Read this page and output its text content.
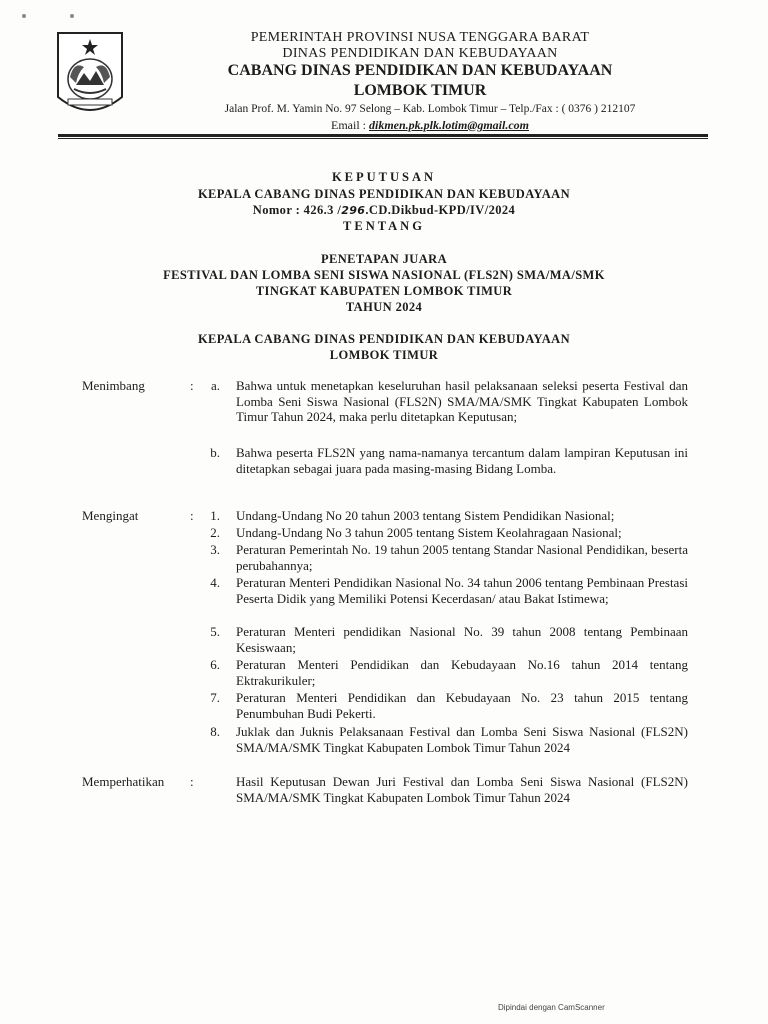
PEMERINTAH PROVINSI NUSA TENGGARA BARAT
DINAS PENDIDIKAN DAN KEBUDAYAAN
CABANG DINAS PENDIDIKAN DAN KEBUDAYAAN
LOMBOK TIMUR
Jalan Prof. M. Yamin No. 97 Selong – Kab. Lombok Timur – Telp./Fax : ( 0376 ) 212107
Email : dikmen.pk.plk.lotim@gmail.com
KEPUTUSAN
KEPALA CABANG DINAS PENDIDIKAN DAN KEBUDAYAAN
Nomor : 426.3 /296.CD.Dikbud-KPD/IV/2024
TENTANG
PENETAPAN JUARA
FESTIVAL DAN LOMBA SENI SISWA NASIONAL (FLS2N) SMA/MA/SMK
TINGKAT KABUPATEN LOMBOK TIMUR
TAHUN 2024
KEPALA CABANG DINAS PENDIDIKAN DAN KEBUDAYAAN
LOMBOK TIMUR
Menimbang	:	a. Bahwa untuk menetapkan keseluruhan hasil pelaksanaan seleksi peserta Festival dan Lomba Seni Siswa Nasional (FLS2N) SMA/MA/SMK Tingkat Kabupaten Lombok Timur Tahun 2024, maka perlu ditetapkan Keputusan;
b. Bahwa peserta FLS2N yang nama-namanya tercantum dalam lampiran Keputusan ini ditetapkan sebagai juara pada masing-masing Bidang Lomba.
Mengingat	:	1. Undang-Undang No 20 tahun 2003 tentang Sistem Pendidikan Nasional;
2. Undang-Undang No 3 tahun 2005 tentang Sistem Keolahragaan Nasional;
3. Peraturan Pemerintah No. 19 tahun 2005 tentang Standar Nasional Pendidikan, beserta perubahannya;
4. Peraturan Menteri Pendidikan Nasional No. 34 tahun 2006 tentang Pembinaan Prestasi Peserta Didik yang Memiliki Potensi Kecerdasan/ atau Bakat Istimewa;
5. Peraturan Menteri pendidikan Nasional No. 39 tahun 2008 tentang Pembinaan Kesiswaan;
6. Peraturan Menteri Pendidikan dan Kebudayaan No.16 tahun 2014 tentang Ektrakurikuler;
7. Peraturan Menteri Pendidikan dan Kebudayaan No. 23 tahun 2015 tentang Penumbuhan Budi Pekerti.
8. Juklak dan Juknis Pelaksanaan Festival dan Lomba Seni Siswa Nasional (FLS2N) SMA/MA/SMK Tingkat Kabupaten Lombok Timur Tahun 2024
Memperhatikan :	Hasil Keputusan Dewan Juri Festival dan Lomba Seni Siswa Nasional (FLS2N) SMA/MA/SMK Tingkat Kabupaten Lombok Timur Tahun 2024
Dipindai dengan CamScanner
